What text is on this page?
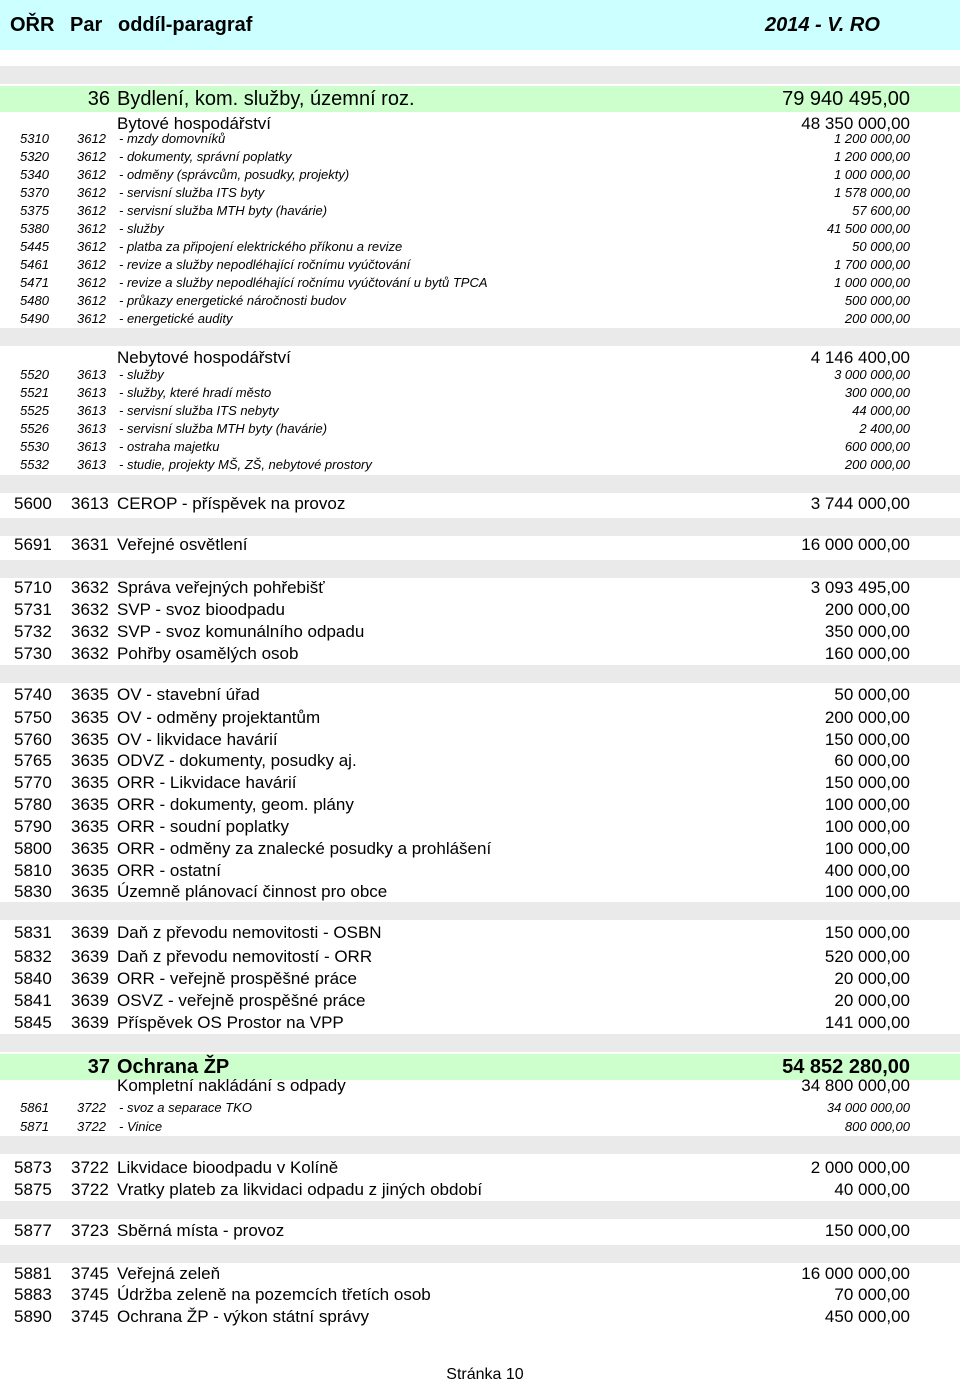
OŘR Par oddíl-paragraf	2014 - V. RO
36 Bydlení, kom. služby, územní roz.	79 940 495,00
Bytové hospodářství	48 350 000,00
5310 3612 - mzdy domovníků	1 200 000,00
5320 3612 - dokumenty, správní poplatky	1 200 000,00
5340 3612 - odměny (správcům, posudky, projekty)	1 000 000,00
5370 3612 - servisní služba ITS byty	1 578 000,00
5375 3612 - servisní služba MTH byty (havárie)	57 600,00
5380 3612 - služby	41 500 000,00
5445 3612 - platba za připojení elektrického příkonu a revize	50 000,00
5461 3612 - revize a služby nepodléhající ročnímu vyúčtování	1 700 000,00
5471 3612 - revize a služby nepodléhající ročnímu vyúčtování u bytů TPCA	1 000 000,00
5480 3612 - průkazy energetické náročnosti budov	500 000,00
5490 3612 - energetické audity	200 000,00
Nebytové hospodářství	4 146 400,00
5520 3613 - služby	3 000 000,00
5521 3613 - služby, které hradí město	300 000,00
5525 3613 - servisní služba ITS nebyty	44 000,00
5526 3613 - servisní služba MTH byty (havárie)	2 400,00
5530 3613 - ostraha majetku	600 000,00
5532 3613 - studie, projekty MŠ, ZŠ, nebytové prostory	200 000,00
5600 3613 CEROP - příspěvek na provoz	3 744 000,00
5691 3631 Veřejné osvětlení	16 000 000,00
5710 3632 Správa veřejných pohřebišť	3 093 495,00
5731 3632 SVP - svoz bioodpadu	200 000,00
5732 3632 SVP - svoz komunálního odpadu	350 000,00
5730 3632 Pohřby osamělých osob	160 000,00
5740 3635 OV - stavební úřad	50 000,00
5750 3635 OV - odměny projektantům	200 000,00
5760 3635 OV - likvidace havárií	150 000,00
5765 3635 ODVZ - dokumenty, posudky aj.	60 000,00
5770 3635 ORR - Likvidace havárií	150 000,00
5780 3635 ORR - dokumenty, geom. plány	100 000,00
5790 3635 ORR - soudní poplatky	100 000,00
5800 3635 ORR - odměny za znalecké posudky a prohlášení	100 000,00
5810 3635 ORR - ostatní	400 000,00
5830 3635 Územně plánovací činnost pro obce	100 000,00
5831 3639 Daň z převodu nemovitosti - OSBN	150 000,00
5832 3639 Daň z převodu nemovitostí - ORR	520 000,00
5840 3639 ORR - veřejně prospěšné práce	20 000,00
5841 3639 OSVZ - veřejně prospěšné práce	20 000,00
5845 3639 Příspěvek OS Prostor na VPP	141 000,00
37 Ochrana ŽP	54 852 280,00
Kompletní nakládání s odpady	34 800 000,00
5861 3722 - svoz a separace TKO	34 000 000,00
5871 3722 - Vinice	800 000,00
5873 3722 Likvidace bioodpadu v Kolíně	2 000 000,00
5875 3722 Vratky plateb za likvidaci odpadu z jiných období	40 000,00
5877 3723 Sběrná místa - provoz	150 000,00
5881 3745 Veřejná zeleň	16 000 000,00
5883 3745 Údržba zeleně na pozemcích třetích osob	70 000,00
5890 3745 Ochrana ŽP - výkon státní správy	450 000,00
Stránka 10
